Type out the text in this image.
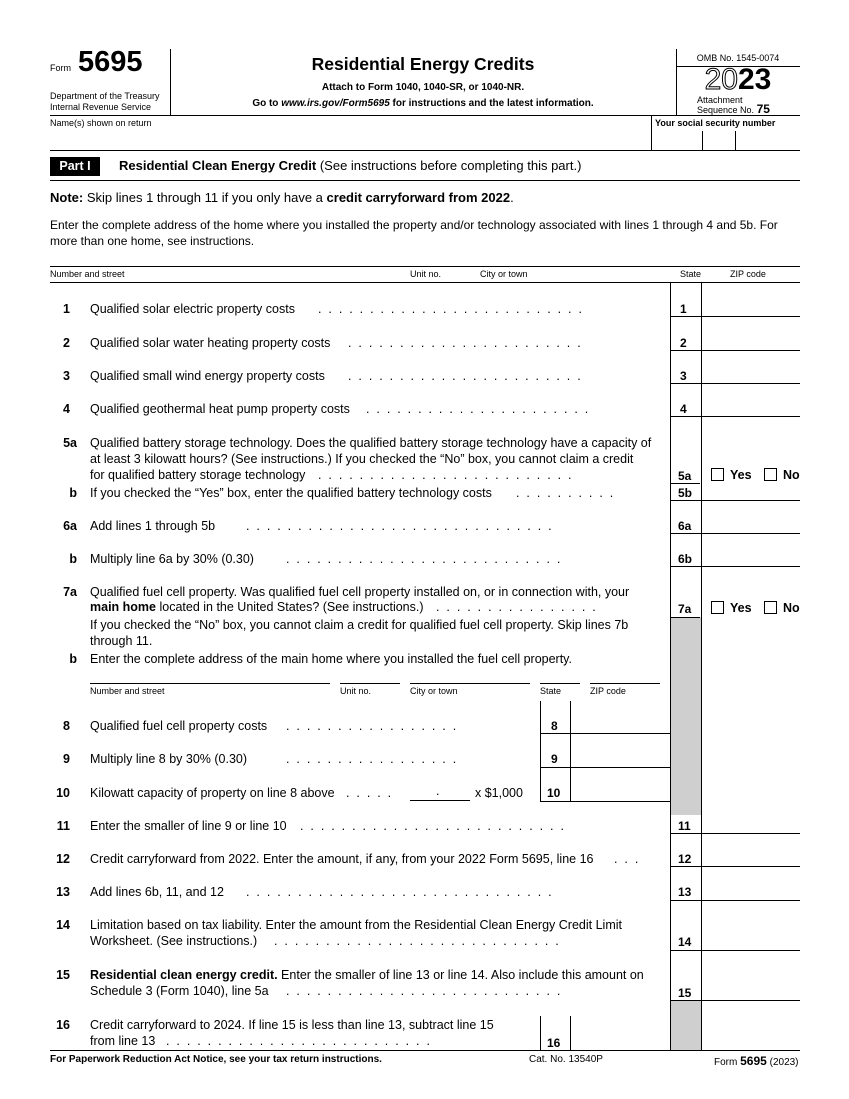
Form 5695
Department of the Treasury
Internal Revenue Service
Residential Energy Credits
Attach to Form 1040, 1040-SR, or 1040-NR.
Go to www.irs.gov/Form5695 for instructions and the latest information.
OMB No. 1545-0074
2023
Attachment
Sequence No. 75
Name(s) shown on return	Your social security number
Part I	Residential Clean Energy Credit (See instructions before completing this part.)
Note: Skip lines 1 through 11 if you only have a credit carryforward from 2022.
Enter the complete address of the home where you installed the property and/or technology associated with lines 1 through 4 and 5b. For more than one home, see instructions.
Number and street	Unit no.	City or town	State	ZIP code
1 Qualified solar electric property costs .  .  .  .  .  .  .  .  .  .  .  .  .  .  .  .  .  .  .  .  .  .  .  .  .  .	1
2 Qualified solar water heating property costs .  .  .  .  .  .  .  .  .  .  .  .  .  .  .  .  .  .  .  .  .  .  .	2
3 Qualified small wind energy property costs .  .  .  .  .  .  .  .  .  .  .  .  .  .  .  .  .  .  .  .  .  .  .	3
4 Qualified geothermal heat pump property costs .  .  .  .  .  .  .  .  .  .  .  .  .  .  .  .  .  .  .  .  .  .	4
5a Qualified battery storage technology. Does the qualified battery storage technology have a capacity of
at least 3 kilowatt hours? (See instructions.) If you checked the “No” box, you cannot claim a credit
for qualified battery storage technology .  .  .  .  .  .  .  .  .  .  .  .  .  .  .  .  .  .  .  .  .  .  .  .  .	5a	Yes	No
b If you checked the “Yes” box, enter the qualified battery technology costs .  .  .  .  .  .  .  .  .  .	5b
6a Add lines 1 through 5b .  .  .  .  .  .  .  .  .  .  .  .  .  .  .  .  .  .  .  .  .  .  .  .  .  .  .  .  .  .	6a
b Multiply line 6a by 30% (0.30)	.  .  .  .  .  .  .  .  .  .  .  .  .  .  .  .  .  .  .  .  .  .  .  .  .  .  .	6b
7a Qualified fuel cell property. Was qualified fuel cell property installed on, or in connection with, your
main home located in the United States? (See instructions.) .  .  .  .  .  .  .  .  .  .  .  .  .  .  .  .	7a	Yes	No
If you checked the “No” box, you cannot claim a credit for qualified fuel cell property. Skip lines 7b
through 11.
b Enter the complete address of the main home where you installed the fuel cell property.
Number and street	Unit no.	City or town	State	ZIP code
8 Qualified fuel cell property costs .  .  .  .  .  .  .  .  .  .  .  .  .  .  .  .  .	8
9 Multiply line 8 by 30% (0.30)	.  .  .  .  .  .  .  .  .  .  .  .  .  .  .  .  .	9
10 Kilowatt capacity of property on line 8 above .  .  .  .  .	.	x $1,000 10
11 Enter the smaller of line 9 or line 10 .  .  .  .  .  .  .  .  .  .  .  .  .  .  .  .  .  .  .  .  .  .  .  .  .  .	11
12 Credit carryforward from 2022. Enter the amount, if any, from your 2022 Form 5695, line 16 .  .  .	12
13 Add lines 6b, 11, and 12 .  .  .  .  .  .  .  .  .  .  .  .  .  .  .  .  .  .  .  .  .  .  .  .  .  .  .  .  .  .	13
14 Limitation based on tax liability. Enter the amount from the Residential Clean Energy Credit Limit
Worksheet. (See instructions.) .  .  .  .  .  .  .  .  .  .  .  .  .  .  .  .  .  .  .  .  .  .  .  .  .  .  .  .	14
15 Residential clean energy credit. Enter the smaller of line 13 or line 14. Also include this amount on
Schedule 3 (Form 1040), line 5a .  .  .  .  .  .  .  .  .  .  .  .  .  .  .  .  .  .  .  .  .  .  .  .  .  .  .	15
16 Credit carryforward to 2024. If line 15 is less than line 13, subtract line 15
from line 13 .  .  .  .  .  .  .  .  .  .  .  .  .  .  .  .  .  .  .  .  .  .  .  .  .  .	16
For Paperwork Reduction Act Notice, see your tax return instructions.	Cat. No. 13540P	Form 5695 (2023)
